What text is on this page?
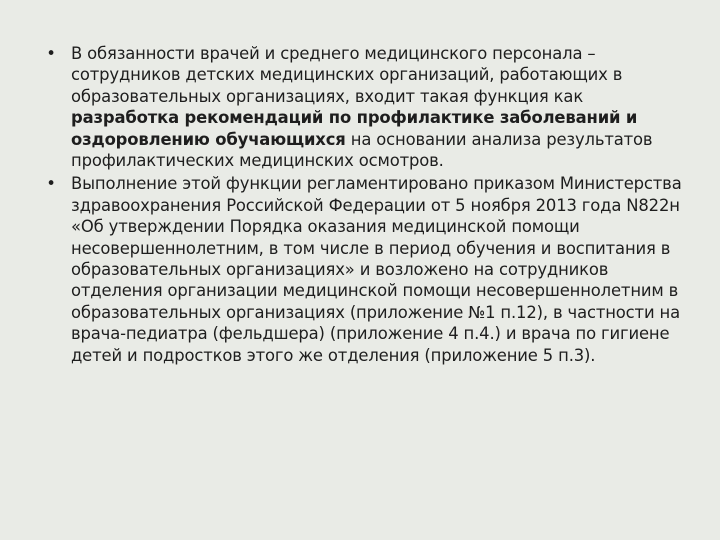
• В обязанности врачей и среднего медицинского персонала – сотрудников детских медицинских организаций, работающих в образовательных организациях, входит такая функция как разработка рекомендаций по профилактике заболеваний и оздоровлению обучающихся на основании анализа результатов профилактических медицинских осмотров.
• Выполнение этой функции регламентировано приказом Министерства здравоохранения Российской Федерации от 5 ноября 2013 года N822н «Об утверждении Порядка оказания медицинской помощи несовершеннолетним, в том числе в период обучения и воспитания в образовательных организациях» и возложено на сотрудников отделения организации медицинской помощи несовершеннолетним в образовательных организациях (приложение №1 п.12), в частности на врача-педиатра (фельдшера) (приложение 4 п.4.) и врача по гигиене детей и подростков этого же отделения (приложение 5 п.3).
